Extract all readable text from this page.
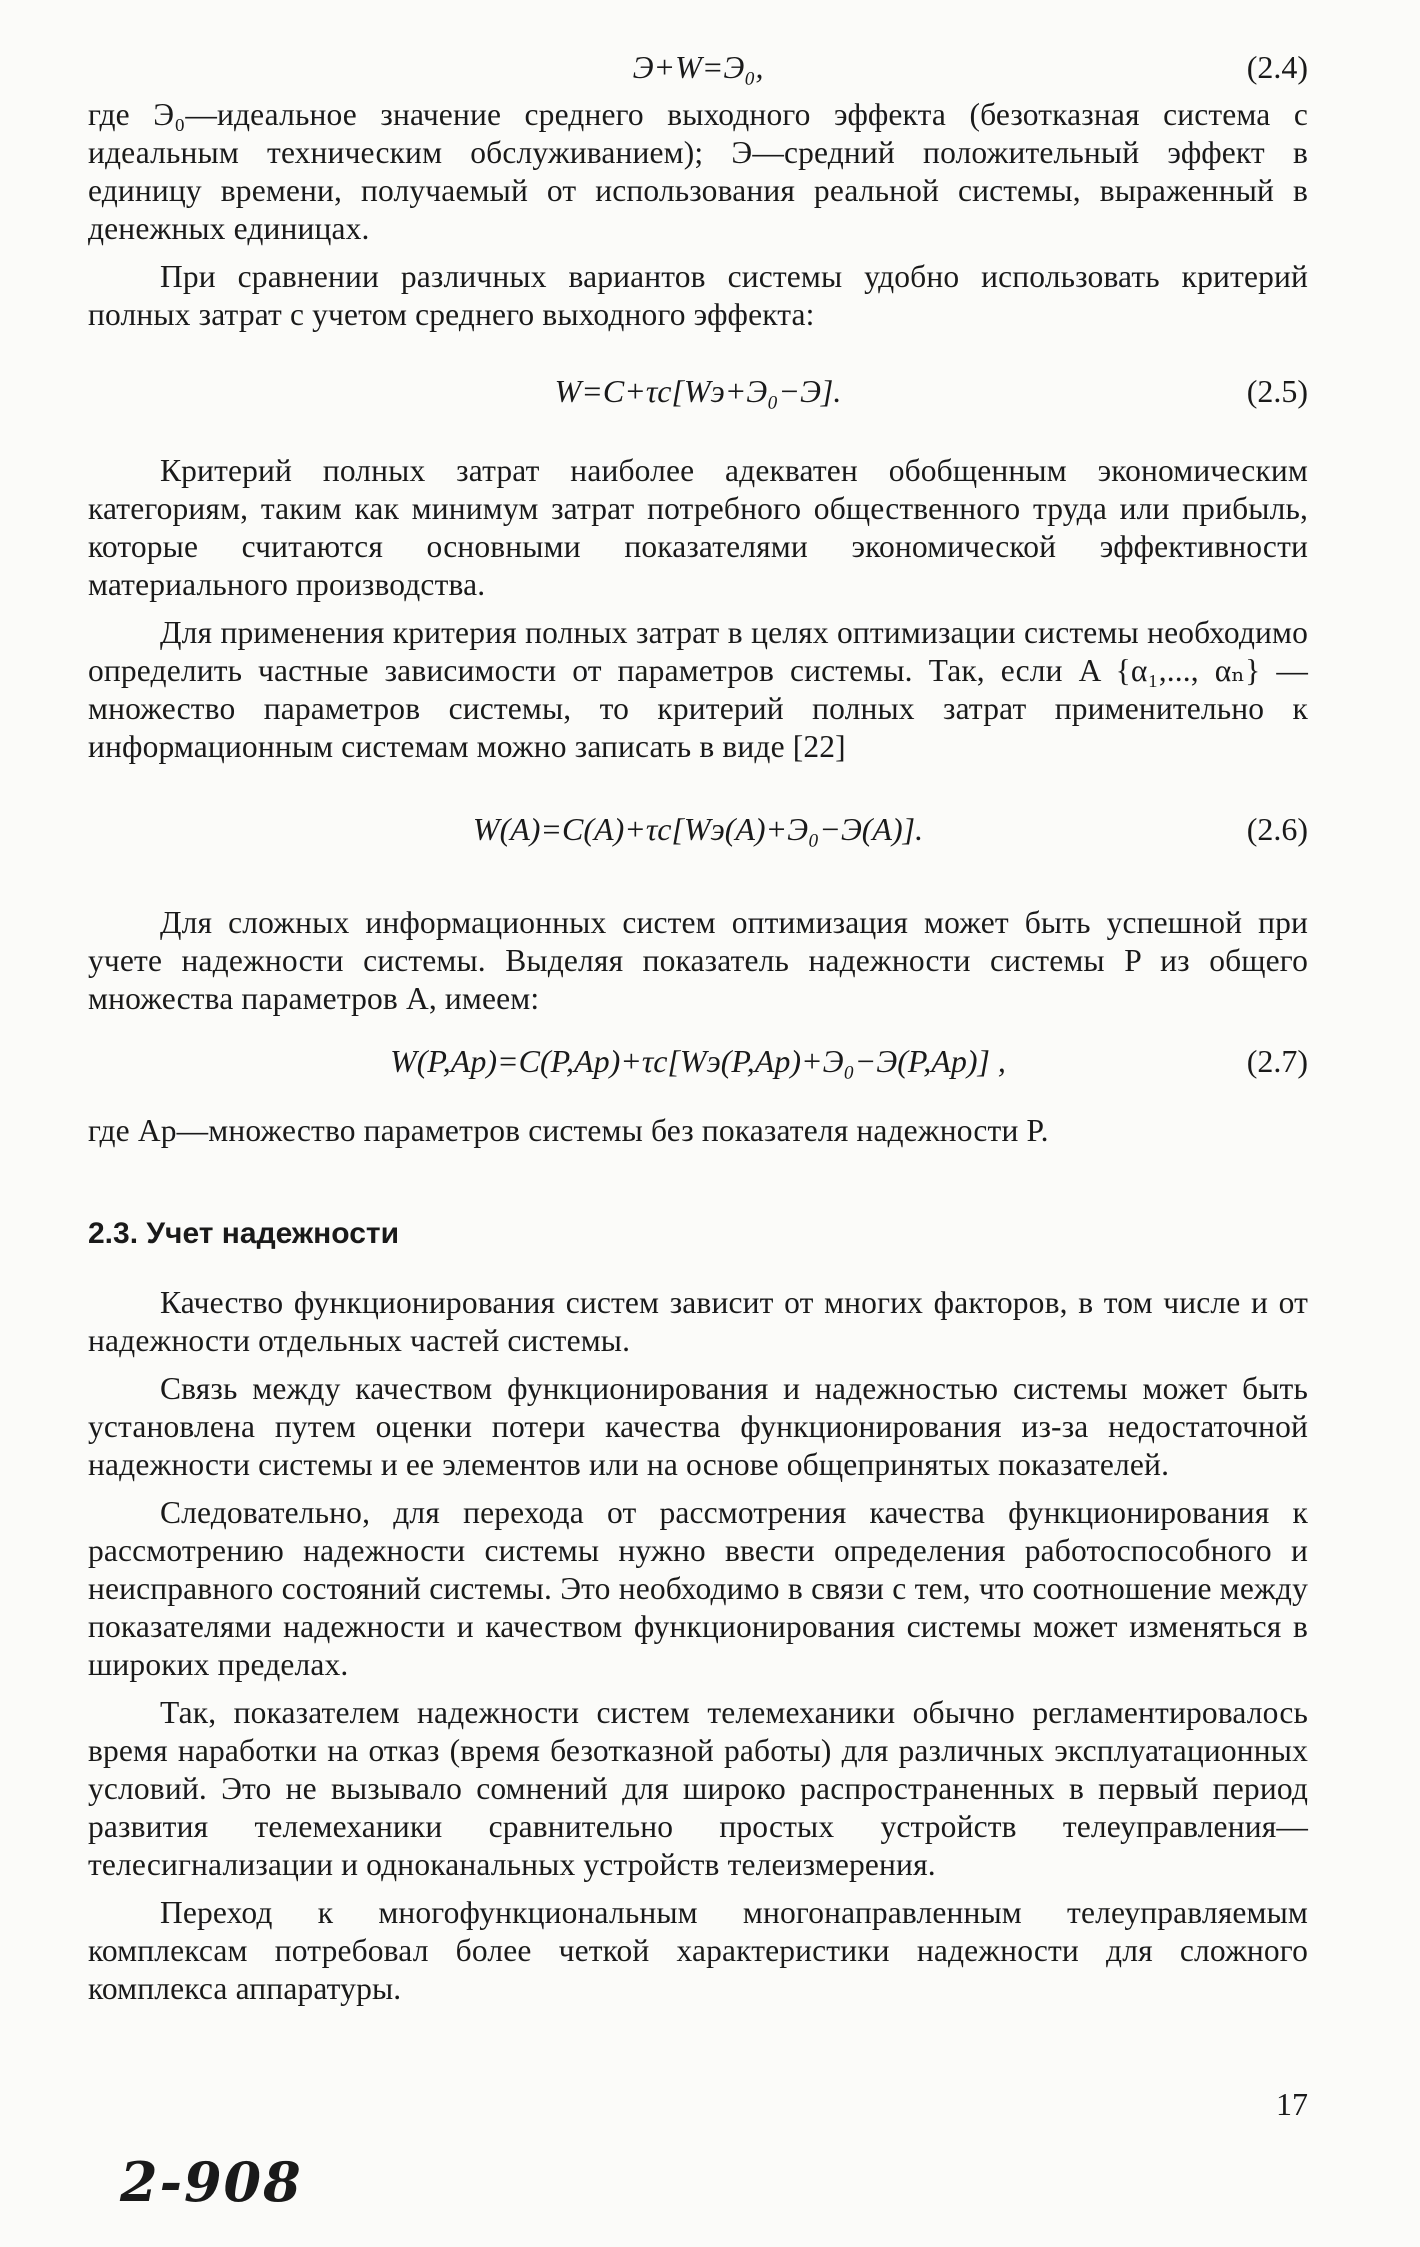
Э+W=Э₀,	(2.4)

где Э₀—идеальное значение среднего выходного эффекта (безотказная система с идеальным техническим обслуживанием); Э—средний положительный эффект в единицу времени, получаемый от использования реальной системы, выраженный в денежных единицах.

При сравнении различных вариантов системы удобно использовать критерий полных затрат с учетом среднего выходного эффекта:

W=C+τс[Wэ+Э₀−Э].	(2.5)

Критерий полных затрат наиболее адекватен обобщенным экономическим категориям, таким как минимум затрат потребного общественного труда или прибыль, которые считаются основными показателями экономической эффективности материального производства.

Для применения критерия полных затрат в целях оптимизации системы необходимо определить частные зависимости от параметров системы. Так, если A {α₁,..., αₙ} —множество параметров системы, то критерий полных затрат применительно к информационным системам можно записать в виде [22]

W(A)=C(A)+τс[Wэ(A)+Э₀−Э(A)].	(2.6)

Для сложных информационных систем оптимизация может быть успешной при учете надежности системы. Выделяя показатель надежности системы P из общего множества параметров A, имеем:

W(P,Aр)=C(P,Aр)+τс[Wэ(P,Aр)+Э₀−Э(P,Aр)] ,	(2.7)

где Aр—множество параметров системы без показателя надежности P.

2.3. Учет надежности

Качество функционирования систем зависит от многих факторов, в том числе и от надежности отдельных частей системы.

Связь между качеством функционирования и надежностью системы может быть установлена путем оценки потери качества функционирования из-за недостаточной надежности системы и ее элементов или на основе общепринятых показателей.

Следовательно, для перехода от рассмотрения качества функционирования к рассмотрению надежности системы нужно ввести определения работоспособного и неисправного состояний системы. Это необходимо в связи с тем, что соотношение между показателями надежности и качеством функционирования системы может изменяться в широких пределах.

Так, показателем надежности систем телемеханики обычно регламентировалось время наработки на отказ (время безотказной работы) для различных эксплуатационных условий. Это не вызывало сомнений для широко распространенных в первый период развития телемеханики сравнительно простых устройств телеуправления—телесигнализации и одноканальных устройств телеизмерения.

Переход к многофункциональным многонаправленным телеуправляемым комплексам потребовал более четкой характеристики надежности для сложного комплекса аппаратуры.

17
2-908
